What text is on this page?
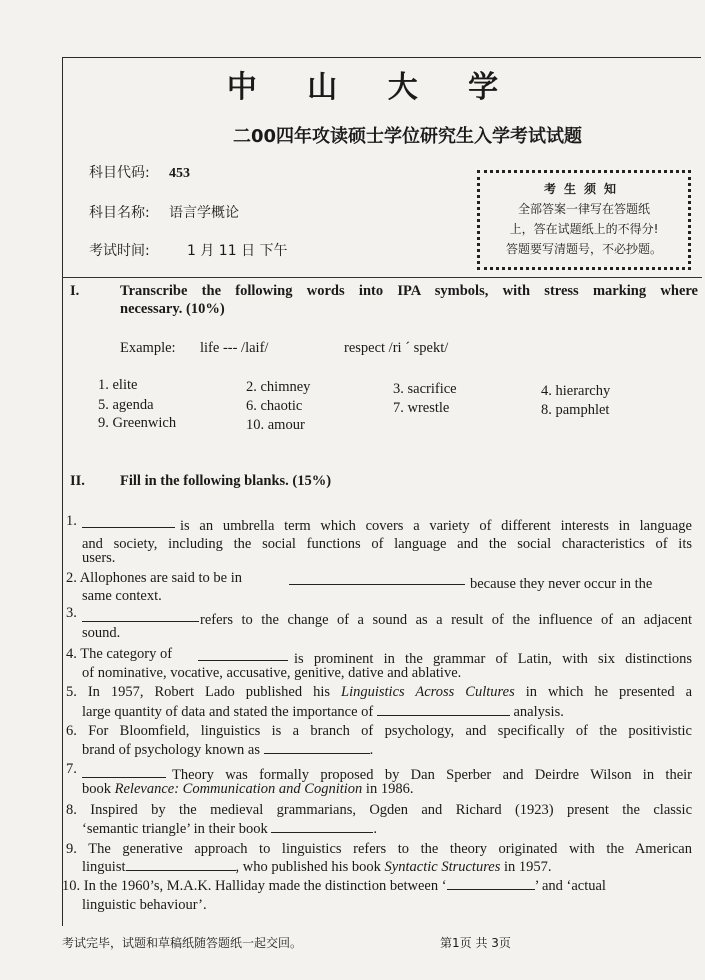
中 山 大 学
二00四年攻读硕士学位研究生入学考试试题
科目代码: 453
科目名称: 语言学概论
考试时间:	1 月 11 日 下午
考生须知
全部答案一律写在答题纸
上，答在试题纸上的不得分!
答题要写清题号，不必抄题。
I.	Transcribe the following words into IPA symbols, with stress marking where
necessary. (10%)
Example: life --- /laif/	respect /ri ˊ spekt/
1. elite	2. chimney	3. sacrifice	4. hierarchy
5. agenda	6. chaotic	7. wrestle	8. pamphlet
9. Greenwich	10. amour
II. Fill in the following blanks. (15%)
1.	is an umbrella term which covers a variety of different interests in language
and society, including the social functions of language and the social characteristics of its
users.
2. Allophones are said to be in	because they never occur in the
same context.
3.	refers to the change of a sound as a result of the influence of an adjacent
sound.
4. The category of	is prominent in the grammar of Latin, with six distinctions
of nominative, vocative, accusative, genitive, dative and ablative.
5. In 1957, Robert Lado published his Linguistics Across Cultures in which he presented a
large quantity of data and stated the importance of	analysis.
6. For Bloomfield, linguistics is a branch of psychology, and specifically of the positivistic
brand of psychology known as	.
7.	Theory was formally proposed by Dan Sperber and Deirdre Wilson in their
book Relevance: Communication and Cognition in 1986.
8. Inspired by the medieval grammarians, Ogden and Richard (1923) present the classic
‘semantic triangle’ in their book	.
9. The generative approach to linguistics refers to the theory originated with the American
linguist	, who published his book Syntactic Structures in 1957.
10. In the 1960’s, M.A.K. Halliday made the distinction between ‘	’ and ‘actual
linguistic behaviour’.
考试完毕，试题和草稿纸随答题纸一起交回。	第1页 共 3页
